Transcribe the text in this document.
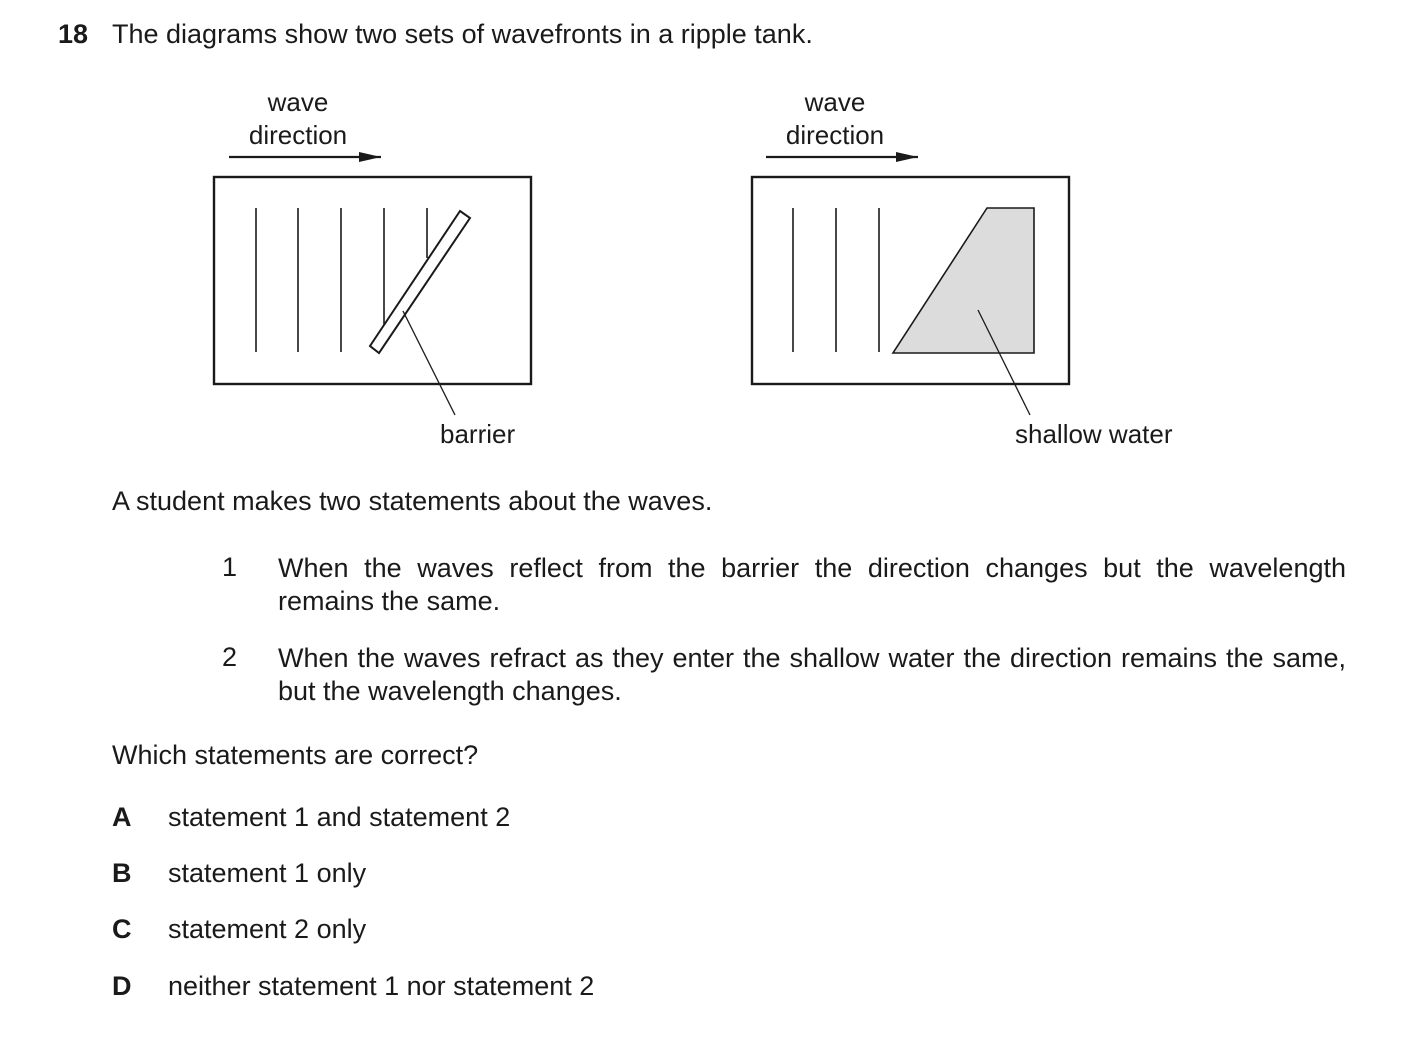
18 The diagrams show two sets of wavefronts in a ripple tank.
wave
direction
barrier
wave
direction
shallow water
A student makes two statements about the waves.
1 When the waves reflect from the barrier the direction changes but the wavelength remains the same.
2 When the waves refract as they enter the shallow water the direction remains the same, but the wavelength changes.
Which statements are correct?
A statement 1 and statement 2
B statement 1 only
C statement 2 only
D neither statement 1 nor statement 2
